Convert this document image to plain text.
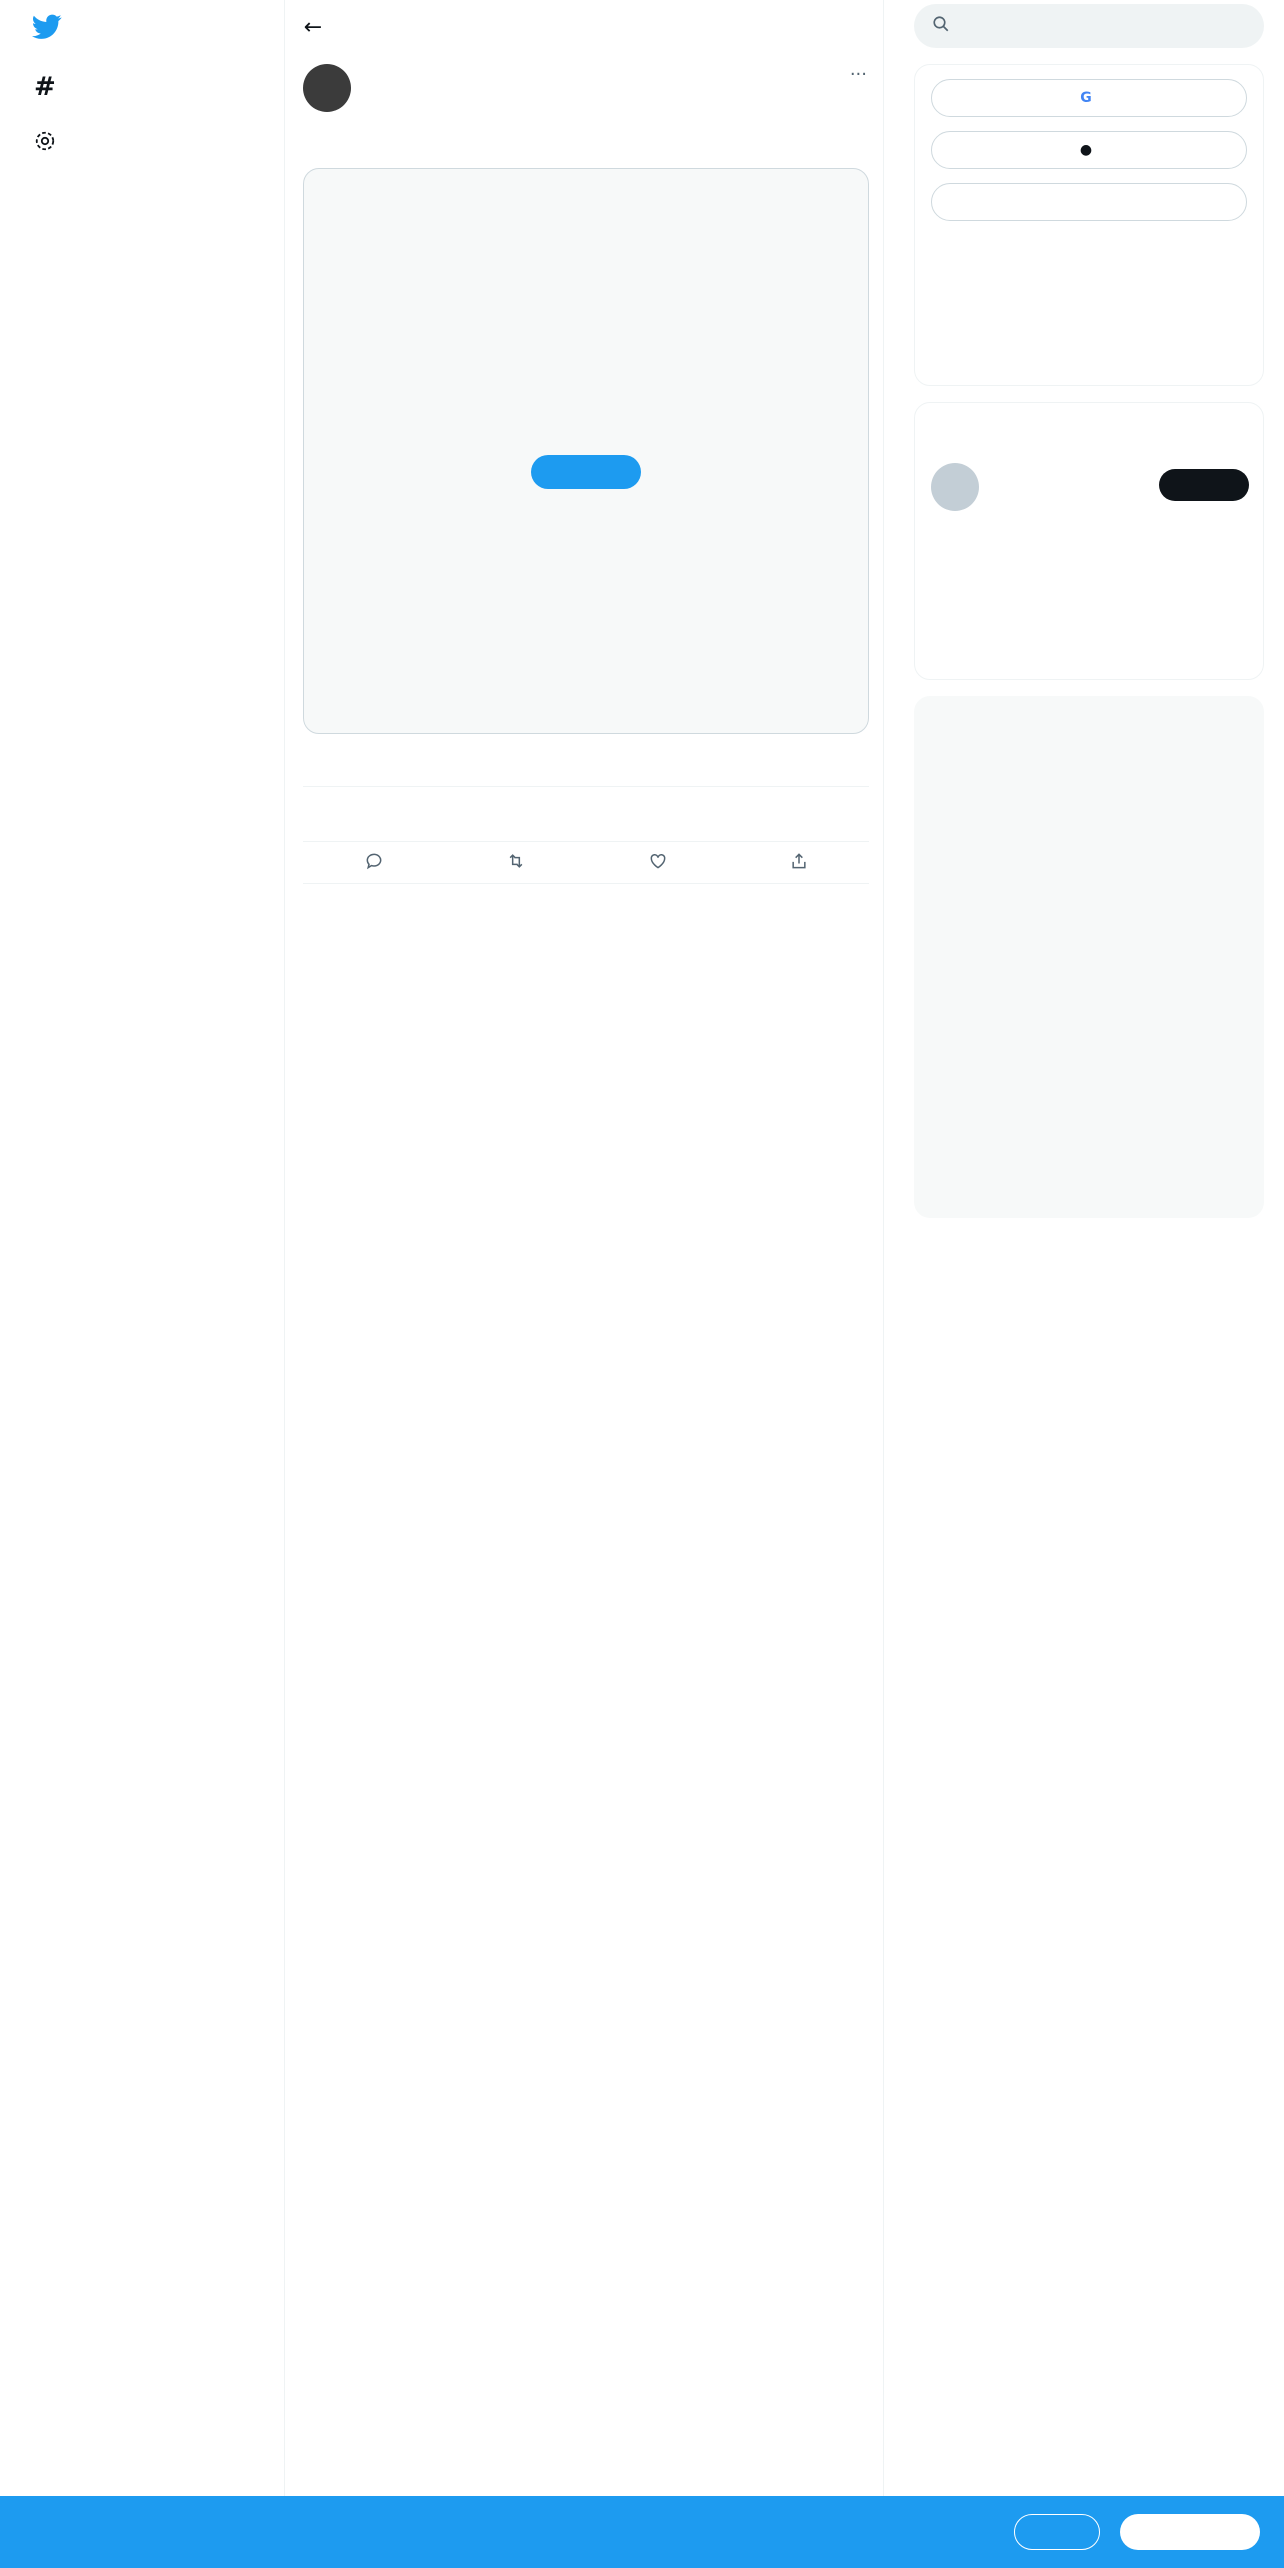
#
←
···
G
●
